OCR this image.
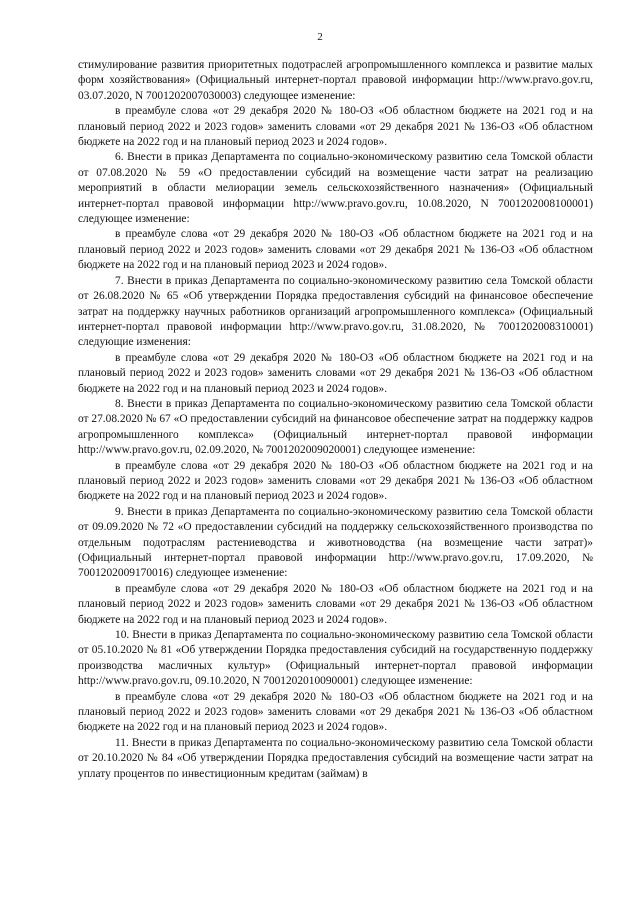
2

стимулирование развития приоритетных подотраслей агропромышленного комплекса и развитие малых форм хозяйствования» (Официальный интернет-портал правовой информации http://www.pravo.gov.ru, 03.07.2020, N 7001202007030003) следующее изменение:

в преамбуле слова «от 29 декабря 2020 № 180-ОЗ «Об областном бюджете на 2021 год и на плановый период 2022 и 2023 годов» заменить словами «от 29 декабря 2021 № 136-ОЗ «Об областном бюджете на 2022 год и на плановый период 2023 и 2024 годов».

6. Внести в приказ Департамента по социально-экономическому развитию села Томской области от 07.08.2020 № 59 «О предоставлении субсидий на возмещение части затрат на реализацию мероприятий в области мелиорации земель сельскохозяйственного назначения» (Официальный интернет-портал правовой информации http://www.pravo.gov.ru, 10.08.2020, N 7001202008100001) следующее изменение:

в преамбуле слова «от 29 декабря 2020 № 180-ОЗ «Об областном бюджете на 2021 год и на плановый период 2022 и 2023 годов» заменить словами «от 29 декабря 2021 № 136-ОЗ «Об областном бюджете на 2022 год и на плановый период 2023 и 2024 годов».

7. Внести в приказ Департамента по социально-экономическому развитию села Томской области от 26.08.2020 № 65 «Об утверждении Порядка предоставления субсидий на финансовое обеспечение затрат на поддержку научных работников организаций агропромышленного комплекса» (Официальный интернет-портал правовой информации http://www.pravo.gov.ru, 31.08.2020, № 7001202008310001) следующие изменения:

в преамбуле слова «от 29 декабря 2020 № 180-ОЗ «Об областном бюджете на 2021 год и на плановый период 2022 и 2023 годов» заменить словами «от 29 декабря 2021 № 136-ОЗ «Об областном бюджете на 2022 год и на плановый период 2023 и 2024 годов».

8. Внести в приказ Департамента по социально-экономическому развитию села Томской области от 27.08.2020 № 67 «О предоставлении субсидий на финансовое обеспечение затрат на поддержку кадров агропромышленного комплекса» (Официальный интернет-портал правовой информации http://www.pravo.gov.ru, 02.09.2020, № 7001202009020001) следующее изменение:

в преамбуле слова «от 29 декабря 2020 № 180-ОЗ «Об областном бюджете на 2021 год и на плановый период 2022 и 2023 годов» заменить словами «от 29 декабря 2021 № 136-ОЗ «Об областном бюджете на 2022 год и на плановый период 2023 и 2024 годов».

9. Внести в приказ Департамента по социально-экономическому развитию села Томской области от 09.09.2020 № 72 «О предоставлении субсидий на поддержку сельскохозяйственного производства по отдельным подотраслям растениеводства и животноводства (на возмещение части затрат)» (Официальный интернет-портал правовой информации http://www.pravo.gov.ru, 17.09.2020, № 7001202009170016) следующее изменение:

в преамбуле слова «от 29 декабря 2020 № 180-ОЗ «Об областном бюджете на 2021 год и на плановый период 2022 и 2023 годов» заменить словами «от 29 декабря 2021 № 136-ОЗ «Об областном бюджете на 2022 год и на плановый период 2023 и 2024 годов».

10. Внести в приказ Департамента по социально-экономическому развитию села Томской области от 05.10.2020 № 81 «Об утверждении Порядка предоставления субсидий на государственную поддержку производства масличных культур» (Официальный интернет-портал правовой информации http://www.pravo.gov.ru, 09.10.2020, N 7001202010090001) следующее изменение:

в преамбуле слова «от 29 декабря 2020 № 180-ОЗ «Об областном бюджете на 2021 год и на плановый период 2022 и 2023 годов» заменить словами «от 29 декабря 2021 № 136-ОЗ «Об областном бюджете на 2022 год и на плановый период 2023 и 2024 годов».

11. Внести в приказ Департамента по социально-экономическому развитию села Томской области от 20.10.2020 № 84 «Об утверждении Порядка предоставления субсидий на возмещение части затрат на уплату процентов по инвестиционным кредитам (займам) в
